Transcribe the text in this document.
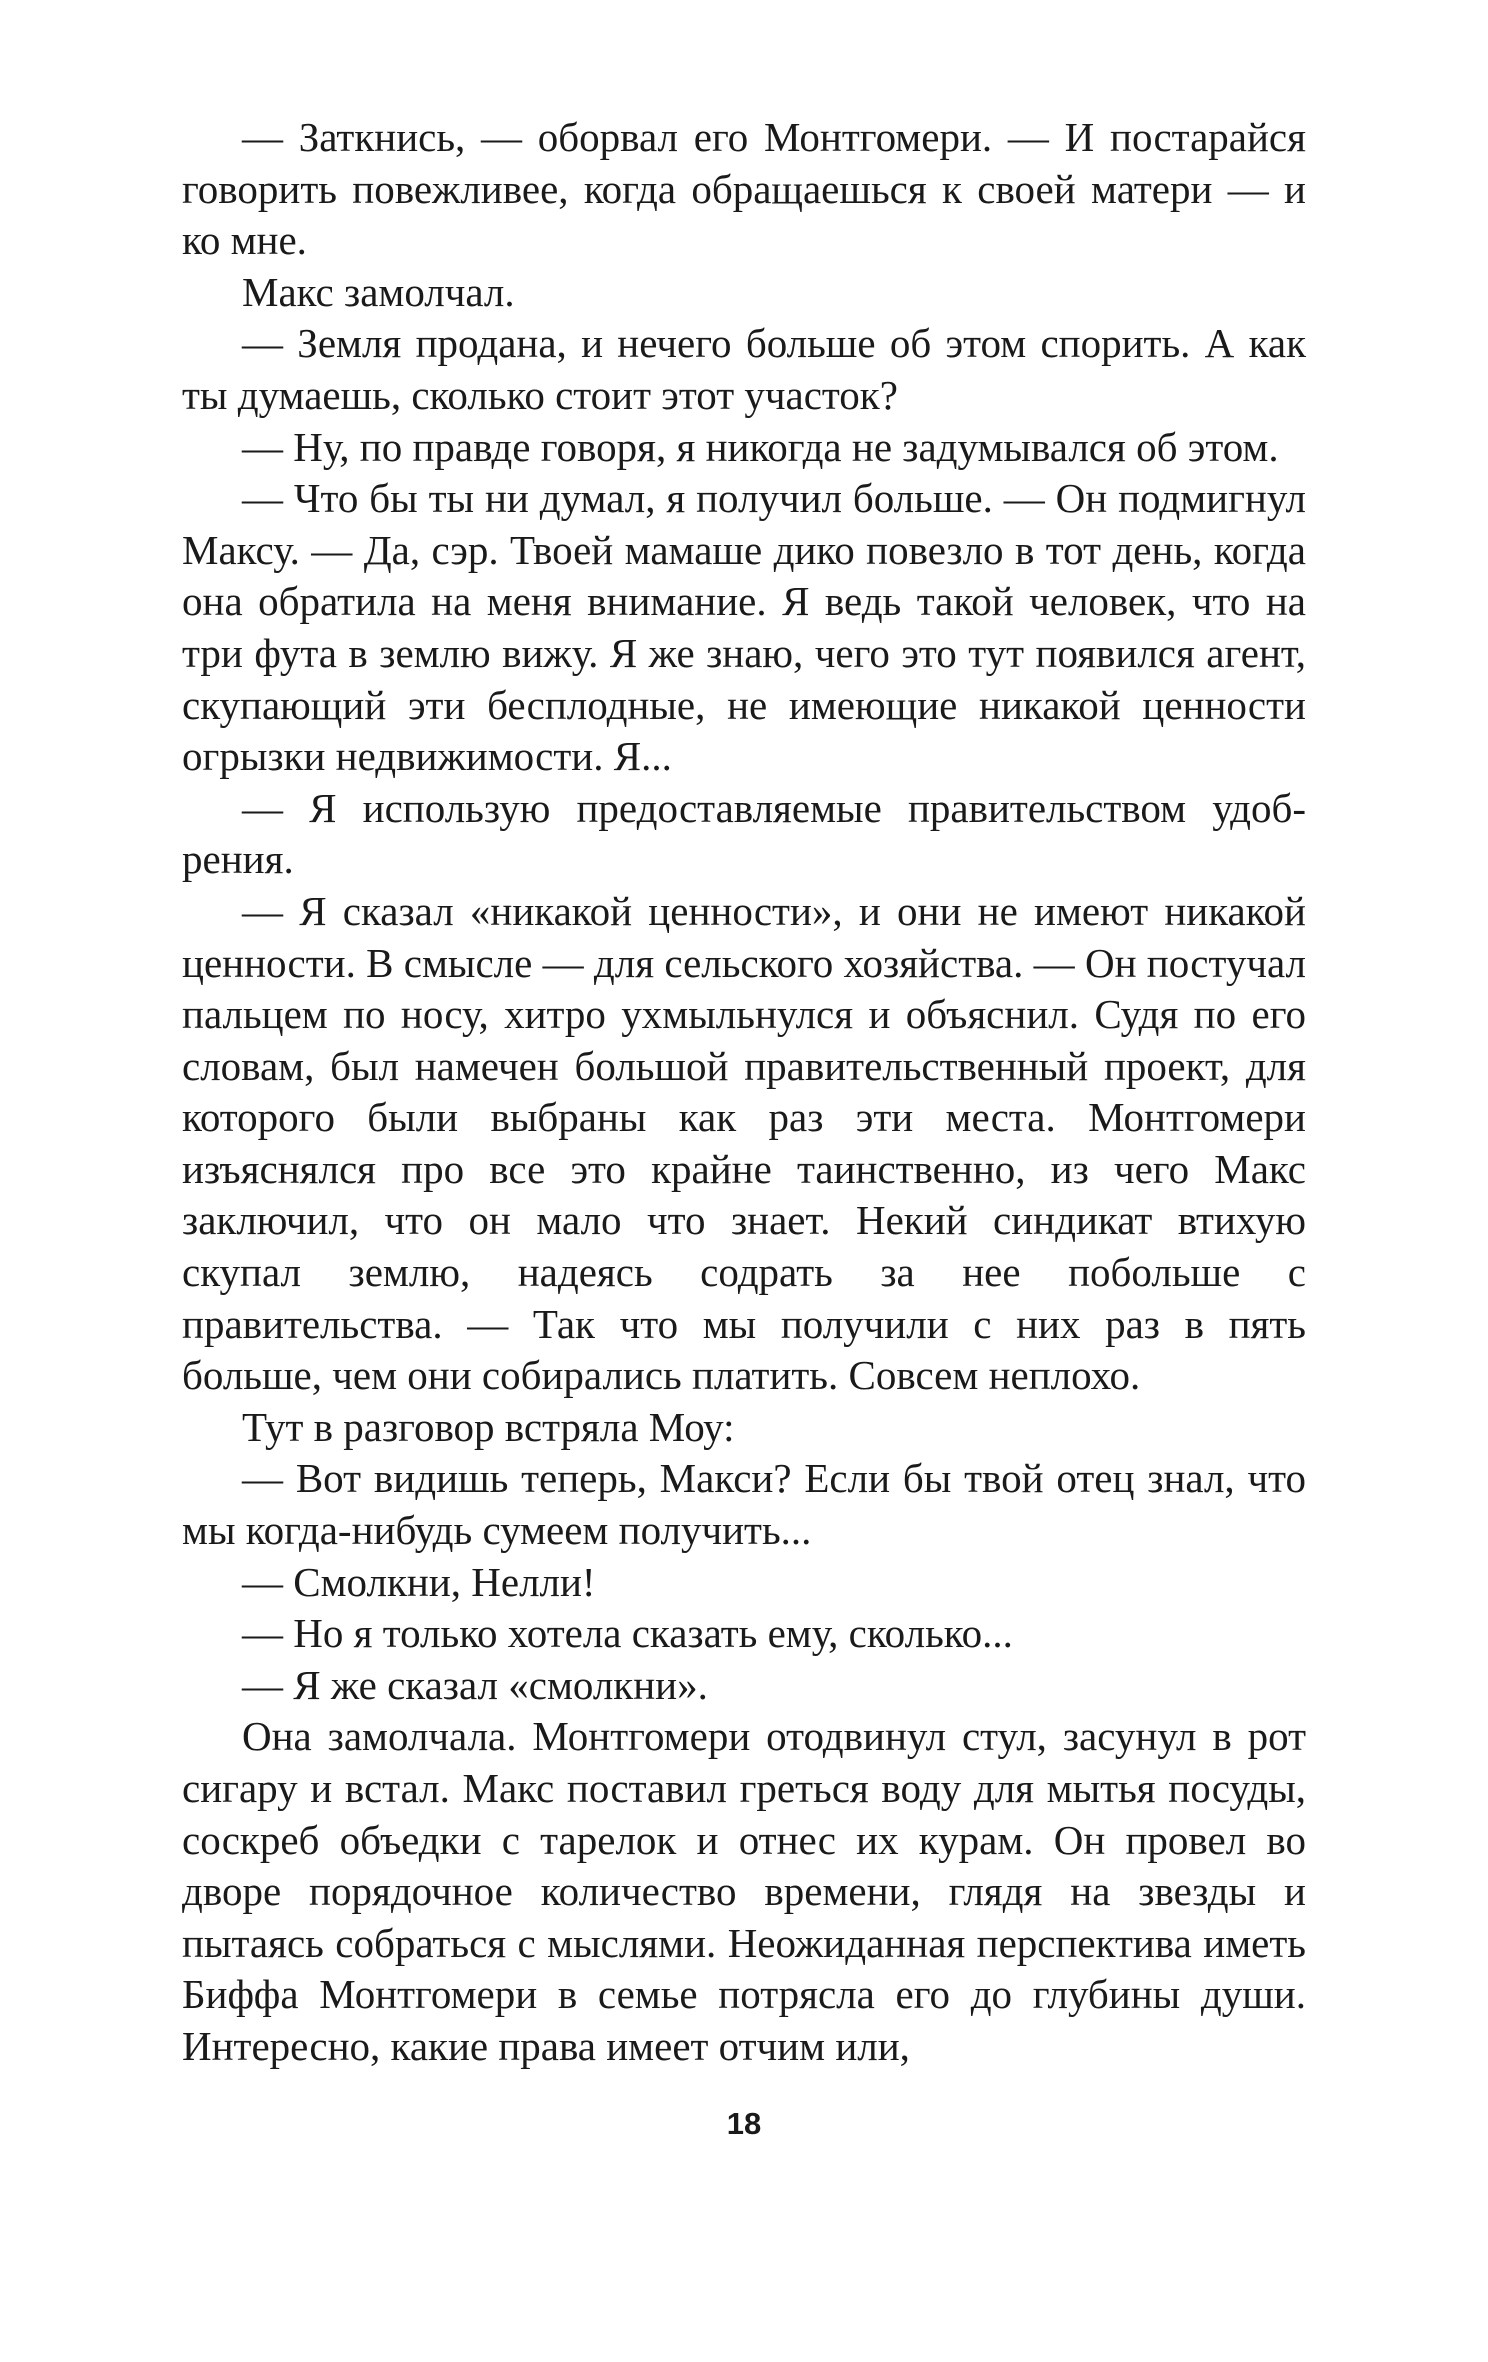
— Заткнись, — оборвал его Монтгомери. — И постарайся говорить повежливее, когда обращаешься к своей матери — и ко мне.

Макс замолчал.

— Земля продана, и нечего больше об этом спорить. А как ты думаешь, сколько стоит этот участок?

— Ну, по правде говоря, я никогда не задумывался об этом.

— Что бы ты ни думал, я получил больше. — Он подмигнул Максу. — Да, сэр. Твоей мамаше дико повезло в тот день, когда она обратила на меня внимание. Я ведь такой человек, что на три фута в землю вижу. Я же знаю, чего это тут появился агент, скупающий эти бесплодные, не имеющие никакой ценности огрызки недвижимости. Я...

— Я использую предоставляемые правительством удобрения.

— Я сказал «никакой ценности», и они не имеют никакой ценности. В смысле — для сельского хозяйства. — Он постучал пальцем по носу, хитро ухмыльнулся и объяснил. Судя по его словам, был намечен большой правительственный проект, для которого были выбраны как раз эти места. Монтгомери изъяснялся про все это крайне таинственно, из чего Макс заключил, что он мало что знает. Некий синдикат втихую скупал землю, надеясь содрать за нее побольше с правительства. — Так что мы получили с них раз в пять больше, чем они собирались платить. Совсем неплохо.

Тут в разговор встряла Моу:

— Вот видишь теперь, Макси? Если бы твой отец знал, что мы когда-нибудь сумеем получить...

— Смолкни, Нелли!

— Но я только хотела сказать ему, сколько...

— Я же сказал «смолкни».

Она замолчала. Монтгомери отодвинул стул, засунул в рот сигару и встал. Макс поставил греться воду для мытья посуды, соскреб объедки с тарелок и отнес их курам. Он провел во дворе порядочное количество времени, глядя на звезды и пытаясь собраться с мыслями. Неожиданная перспектива иметь Биффа Монтгомери в семье потрясла его до глубины души. Интересно, какие права имеет отчим или,

18
